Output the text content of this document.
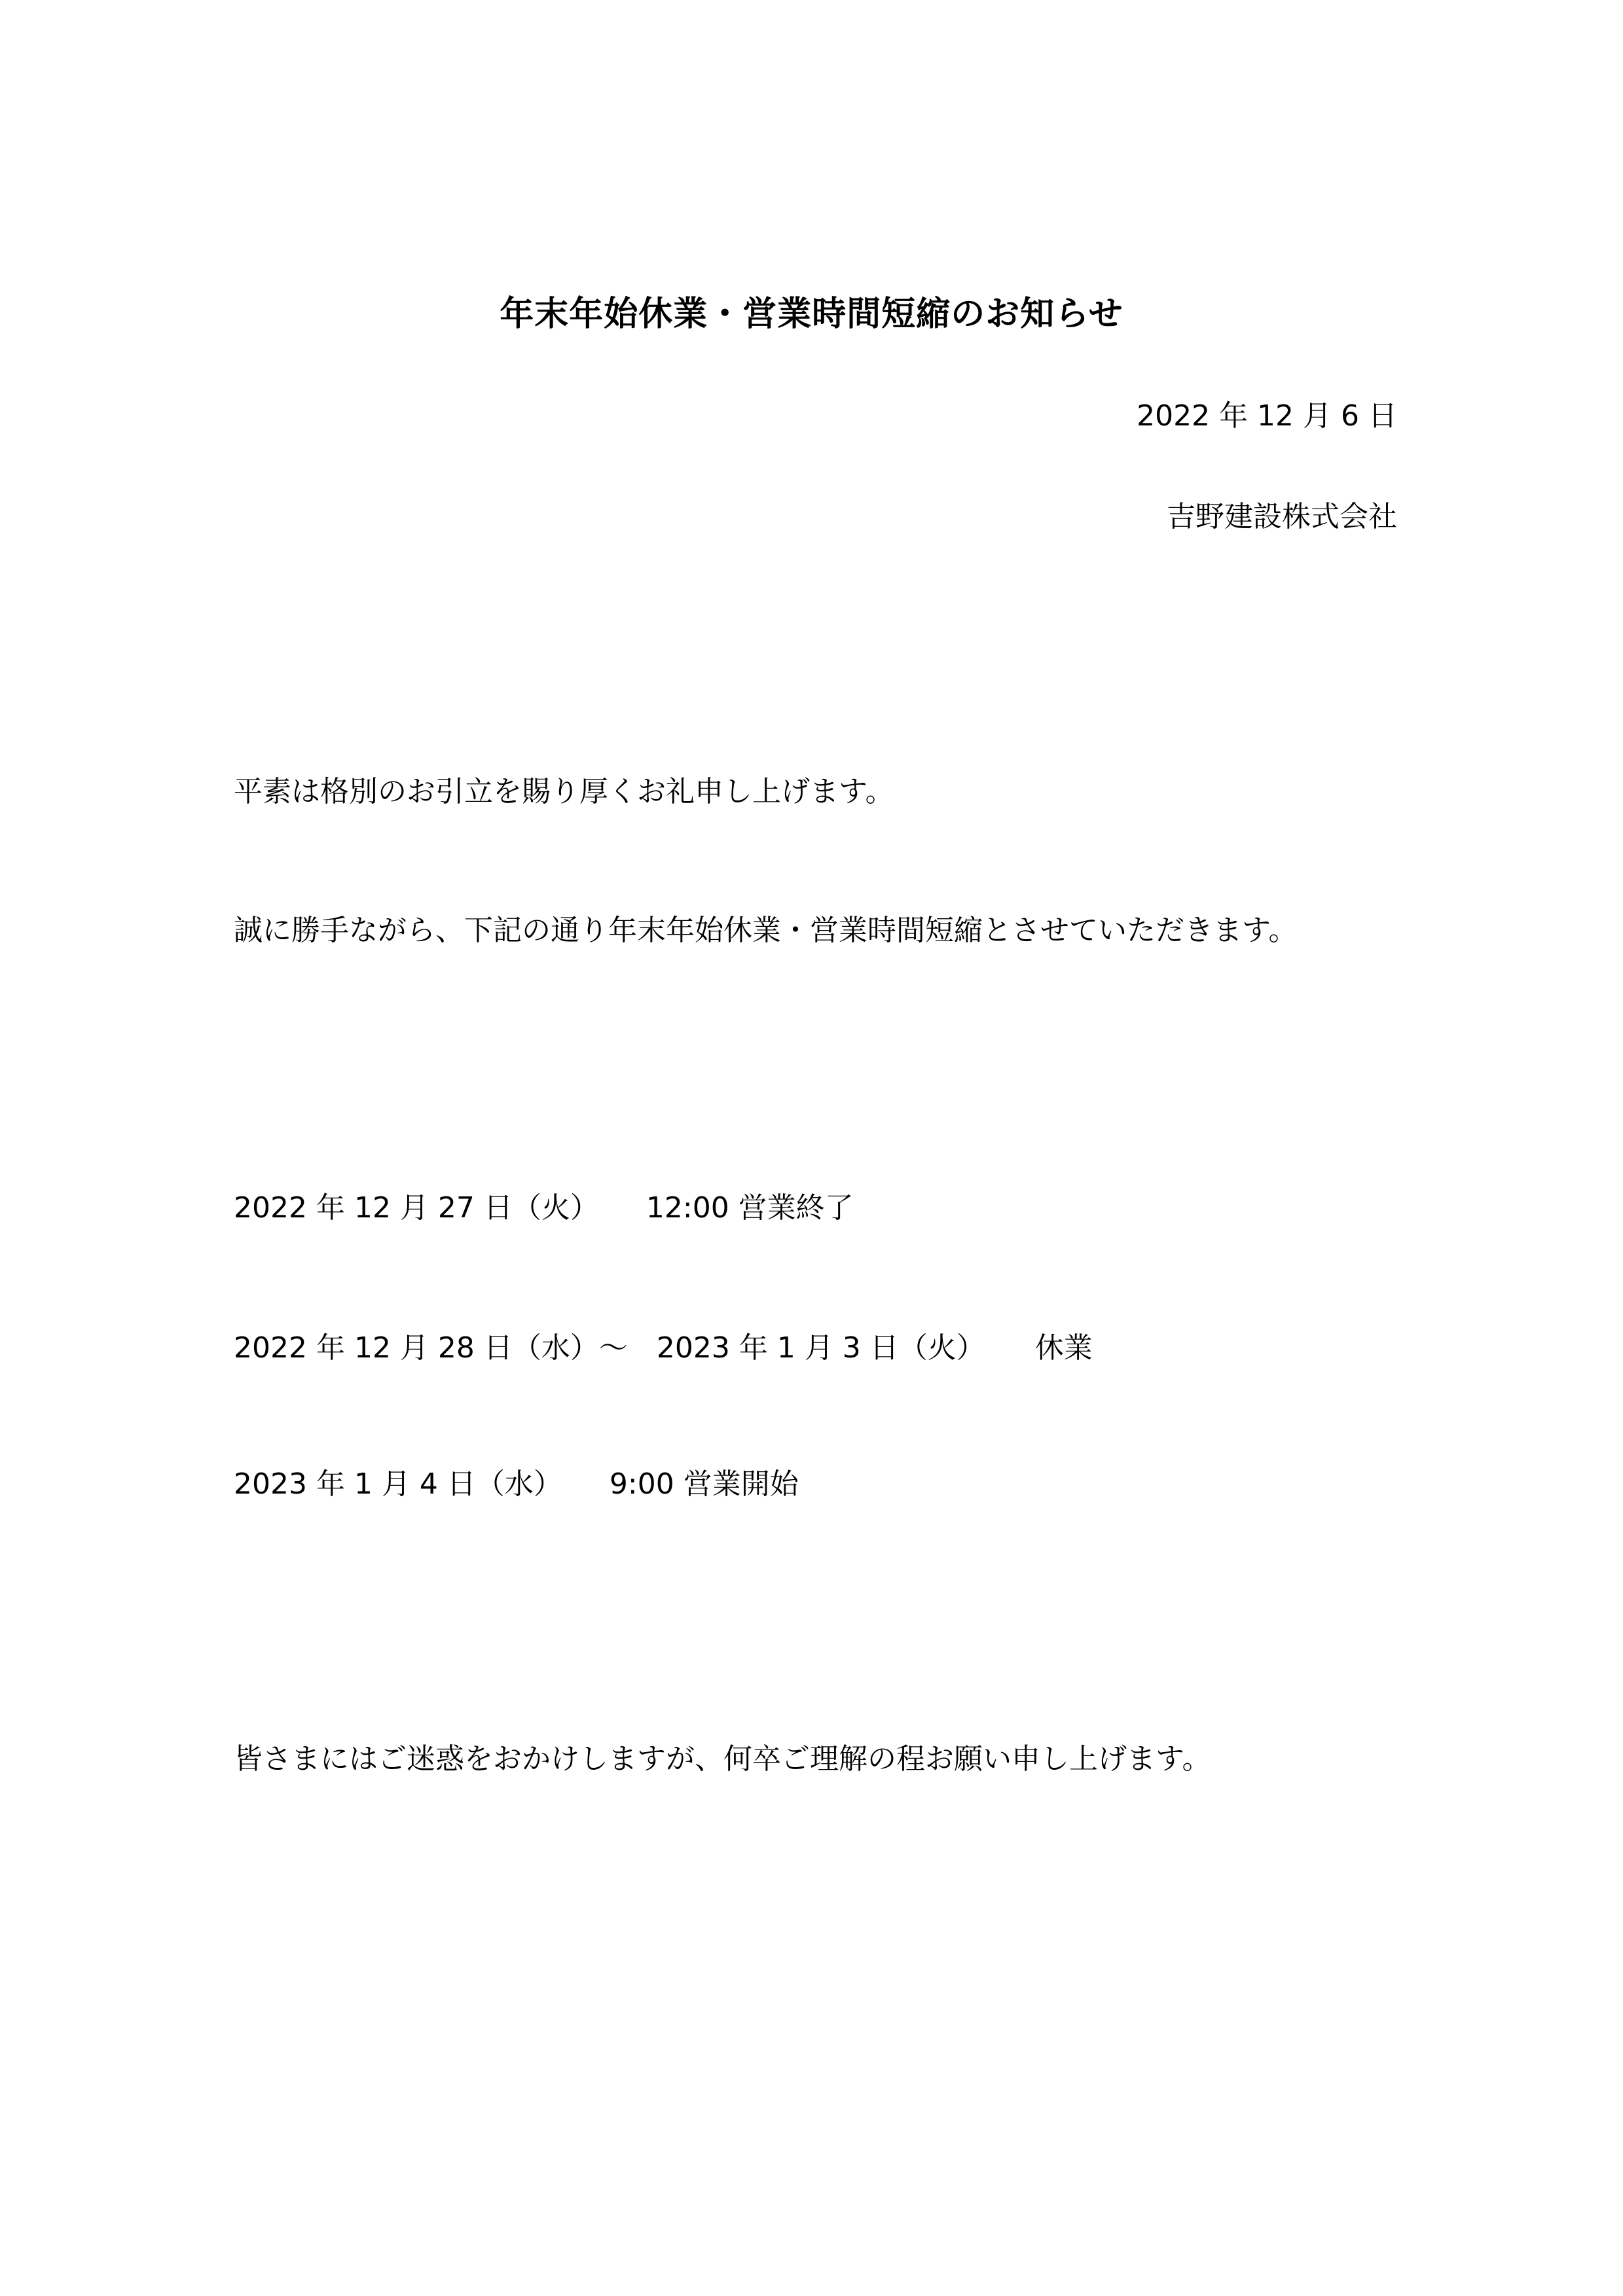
年末年始休業・営業時間短縮のお知らせ
2022 年 12 月 6 日
吉野建設株式会社
平素は格別のお引立を賜り厚くお礼申し上げます。
誠に勝手ながら、下記の通り年末年始休業・営業時間短縮とさせていただきます。
2022 年 12 月 27 日（火） 12:00 営業終了
2022 年 12 月 28 日（水）～ 2023 年 1 月 3 日（火） 休業
2023 年 1 月 4 日（水） 9:00 営業開始
皆さまにはご迷惑をおかけしますが、何卒ご理解の程お願い申し上げます。
